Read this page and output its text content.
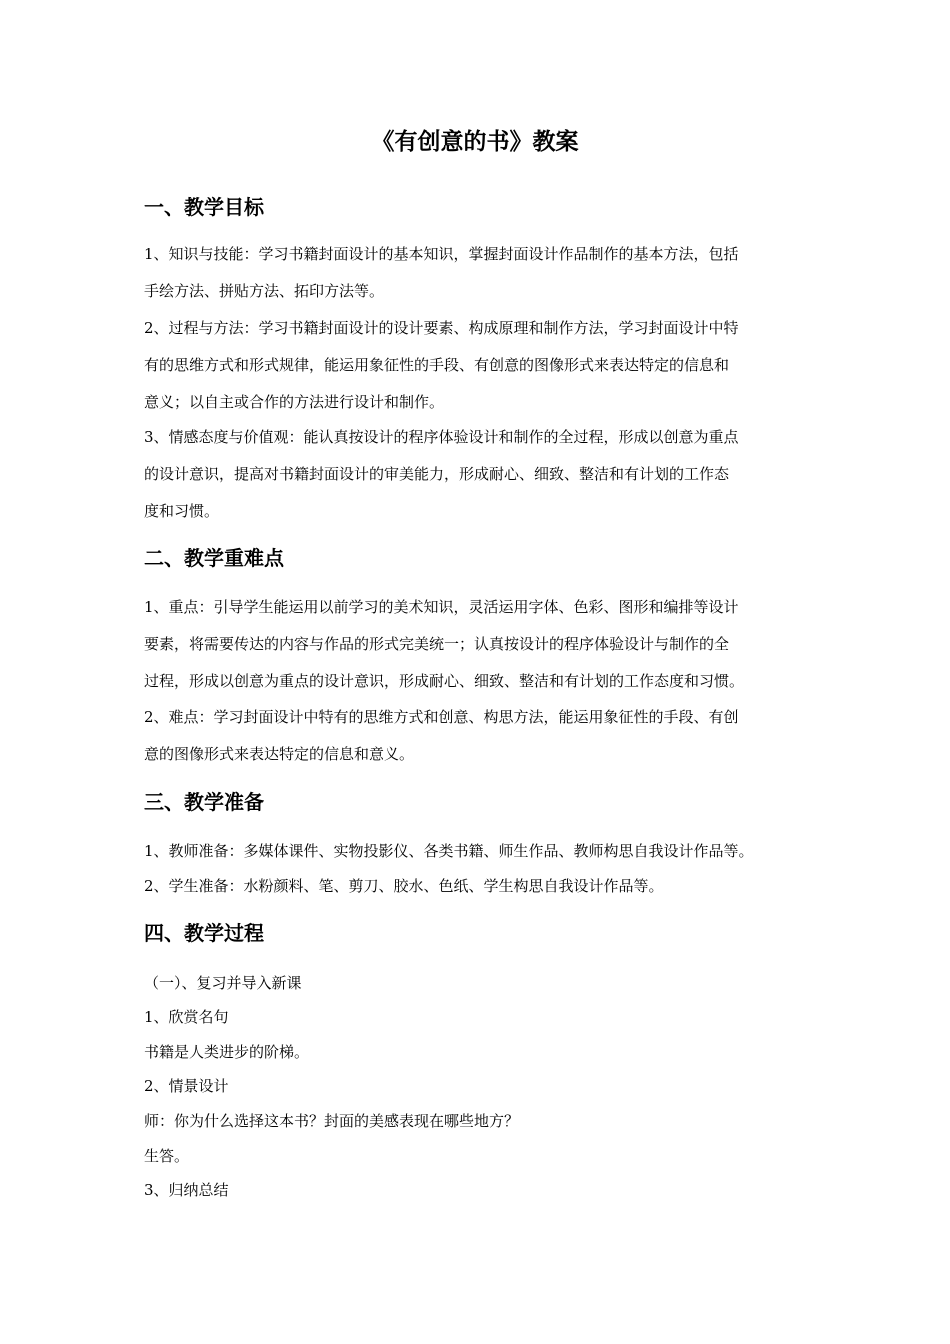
《有创意的书》教案
一、教学目标
1、知识与技能：学习书籍封面设计的基本知识，掌握封面设计作品制作的基本方法，包括
手绘方法、拼贴方法、拓印方法等。
2、过程与方法：学习书籍封面设计的设计要素、构成原理和制作方法，学习封面设计中特
有的思维方式和形式规律，能运用象征性的手段、有创意的图像形式来表达特定的信息和
意义；以自主或合作的方法进行设计和制作。
3、情感态度与价值观：能认真按设计的程序体验设计和制作的全过程，形成以创意为重点
的设计意识，提高对书籍封面设计的审美能力，形成耐心、细致、整洁和有计划的工作态
度和习惯。
二、教学重难点
1、重点：引导学生能运用以前学习的美术知识，灵活运用字体、色彩、图形和编排等设计
要素，将需要传达的内容与作品的形式完美统一；认真按设计的程序体验设计与制作的全
过程，形成以创意为重点的设计意识，形成耐心、细致、整洁和有计划的工作态度和习惯。
2、难点：学习封面设计中特有的思维方式和创意、构思方法，能运用象征性的手段、有创
意的图像形式来表达特定的信息和意义。
三、教学准备
1、教师准备：多媒体课件、实物投影仪、各类书籍、师生作品、教师构思自我设计作品等。
2、学生准备：水粉颜料、笔、剪刀、胶水、色纸、学生构思自我设计作品等。
四、教学过程
（一）、复习并导入新课
1、欣赏名句
书籍是人类进步的阶梯。
2、情景设计
师：你为什么选择这本书？封面的美感表现在哪些地方？
生答。
3、归纳总结
